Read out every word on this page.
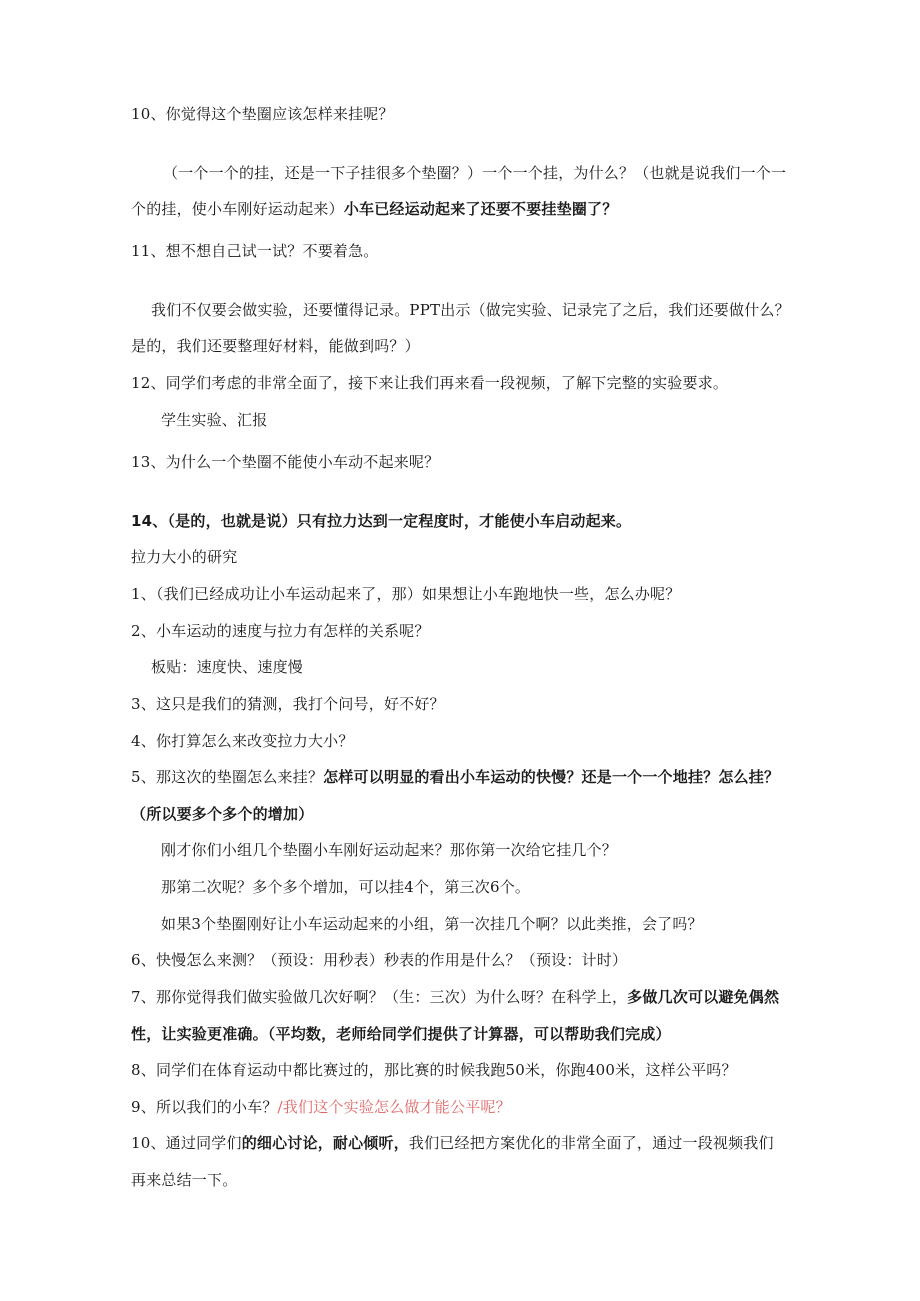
10、你觉得这个垫圈应该怎样来挂呢？
（一个一个的挂，还是一下子挂很多个垫圈？）一个一个挂，为什么？（也就是说我们一个一
个的挂，使小车刚好运动起来）小车已经运动起来了还要不要挂垫圈了？
11、想不想自己试一试？不要着急。
我们不仅要会做实验，还要懂得记录。PPT出示（做完实验、记录完了之后，我们还要做什么？
是的，我们还要整理好材料，能做到吗？）
12、同学们考虑的非常全面了，接下来让我们再来看一段视频，了解下完整的实验要求。
学生实验、汇报
13、为什么一个垫圈不能使小车动不起来呢？
14、（是的，也就是说）只有拉力达到一定程度时，才能使小车启动起来。
拉力大小的研究
1、（我们已经成功让小车运动起来了，那）如果想让小车跑地快一些，怎么办呢？
2、小车运动的速度与拉力有怎样的关系呢？
板贴：速度快、速度慢
3、这只是我们的猜测，我打个问号，好不好？
4、你打算怎么来改变拉力大小？
5、那这次的垫圈怎么来挂？怎样可以明显的看出小车运动的快慢？还是一个一个地挂？怎么挂？
（所以要多个多个的增加）
刚才你们小组几个垫圈小车刚好运动起来？那你第一次给它挂几个？
那第二次呢？多个多个增加，可以挂4个，第三次6个。
如果3个垫圈刚好让小车运动起来的小组，第一次挂几个啊？以此类推，会了吗？
6、快慢怎么来测？（预设：用秒表）秒表的作用是什么？（预设：计时）
7、那你觉得我们做实验做几次好啊？（生：三次）为什么呀？在科学上，多做几次可以避免偶然
性，让实验更准确。（平均数，老师给同学们提供了计算器，可以帮助我们完成）
8、同学们在体育运动中都比赛过的，那比赛的时候我跑50米，你跑400米，这样公平吗？
9、所以我们的小车？/我们这个实验怎么做才能公平呢？
10、通过同学们的细心讨论，耐心倾听，我们已经把方案优化的非常全面了，通过一段视频我们
再来总结一下。
